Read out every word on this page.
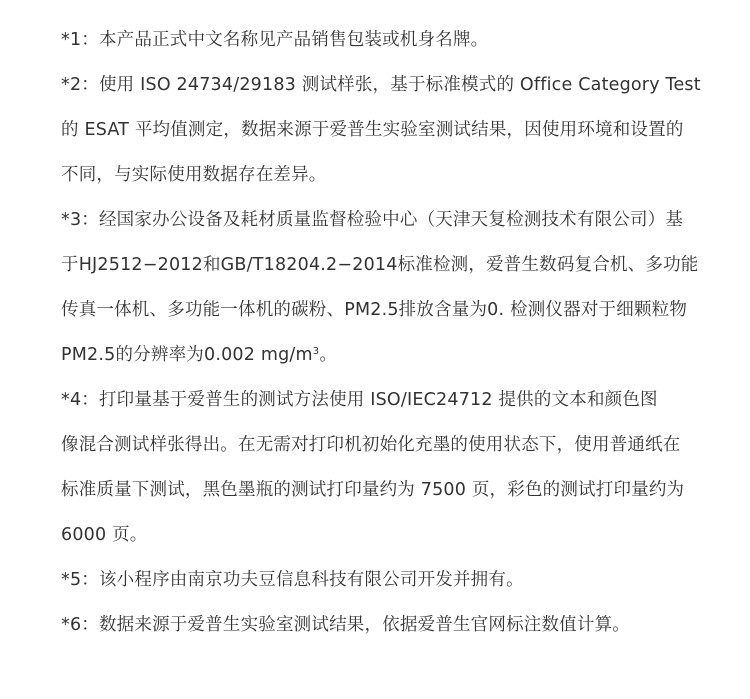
*1：本产品正式中文名称见产品销售包装或机身名牌。

*2：使用 ISO 24734/29183 测试样张，基于标准模式的 Office Category Test
的 ESAT 平均值测定，数据来源于爱普生实验室测试结果，因使用环境和设置的
不同，与实际使用数据存在差异。

*3：经国家办公设备及耗材质量监督检验中心（天津天复检测技术有限公司）基
于HJ2512−2012和GB/T18204.2−2014标准检测，爱普生数码复合机、多功能
传真一体机、多功能一体机的碳粉、PM2.5排放含量为0. 检测仪器对于细颗粒物
PM2.5的分辨率为0.002 $mg/m^3$。

*4：打印量基于爱普生的测试方法使用 ISO/IEC24712 提供的文本和颜色图
像混合测试样张得出。在无需对打印机初始化充墨的使用状态下，使用普通纸在
标准质量下测试，黑色墨瓶的测试打印量约为 7500 页，彩色的测试打印量约为
6000 页。

*5：该小程序由南京功夫豆信息科技有限公司开发并拥有。

*6：数据来源于爱普生实验室测试结果，依据爱普生官网标注数值计算。
